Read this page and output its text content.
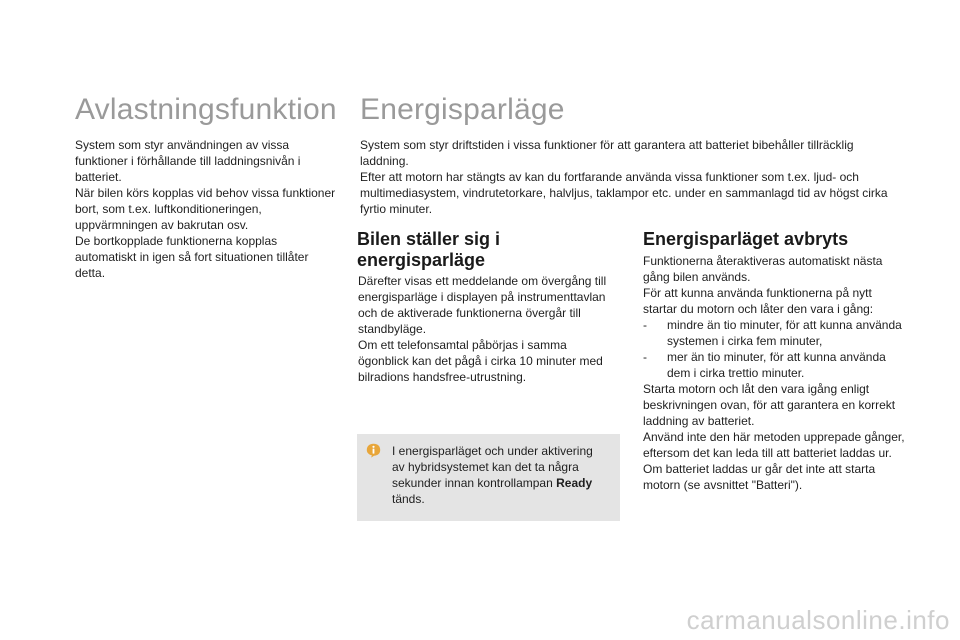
Avlastningsfunktion

System som styr användningen av vissa funktioner i förhållande till laddningsnivån i batteriet.

När bilen körs kopplas vid behov vissa funktioner bort, som t.ex. luftkonditioneringen, uppvärmningen av bakrutan osv.

De bortkopplade funktionerna kopplas automatiskt in igen så fort situationen tillåter detta.

Energisparläge

System som styr driftstiden i vissa funktioner för att garantera att batteriet bibehåller tillräcklig laddning.

Efter att motorn har stängts av kan du fortfarande använda vissa funktioner som t.ex. ljud- och multimediasystem, vindrutetorkare, halvljus, taklampor etc. under en sammanlagd tid av högst cirka fyrtio minuter.

Bilen ställer sig i energisparläge

Därefter visas ett meddelande om övergång till energisparläge i displayen på instrumenttavlan och de aktiverade funktionerna övergår till standbyläge.

Om ett telefonsamtal påbörjas i samma ögonblick kan det pågå i cirka 10 minuter med bilradions handsfree-utrustning.

I energisparläget och under aktivering av hybridsystemet kan det ta några sekunder innan kontrollampan Ready
tänds.

Energisparläget avbryts

Funktionerna återaktiveras automatiskt nästa gång bilen används.

För att kunna använda funktionerna på nytt startar du motorn och låter den vara i gång:

- mindre än tio minuter, för att kunna använda systemen i cirka fem minuter,
- mer än tio minuter, för att kunna använda dem i cirka trettio minuter.

Starta motorn och låt den vara igång enligt beskrivningen ovan, för att garantera en korrekt laddning av batteriet.

Använd inte den här metoden upprepade gånger, eftersom det kan leda till att batteriet laddas ur.

Om batteriet laddas ur går det inte att starta motorn (se avsnittet "Batteri").

carmanualsonline.info
